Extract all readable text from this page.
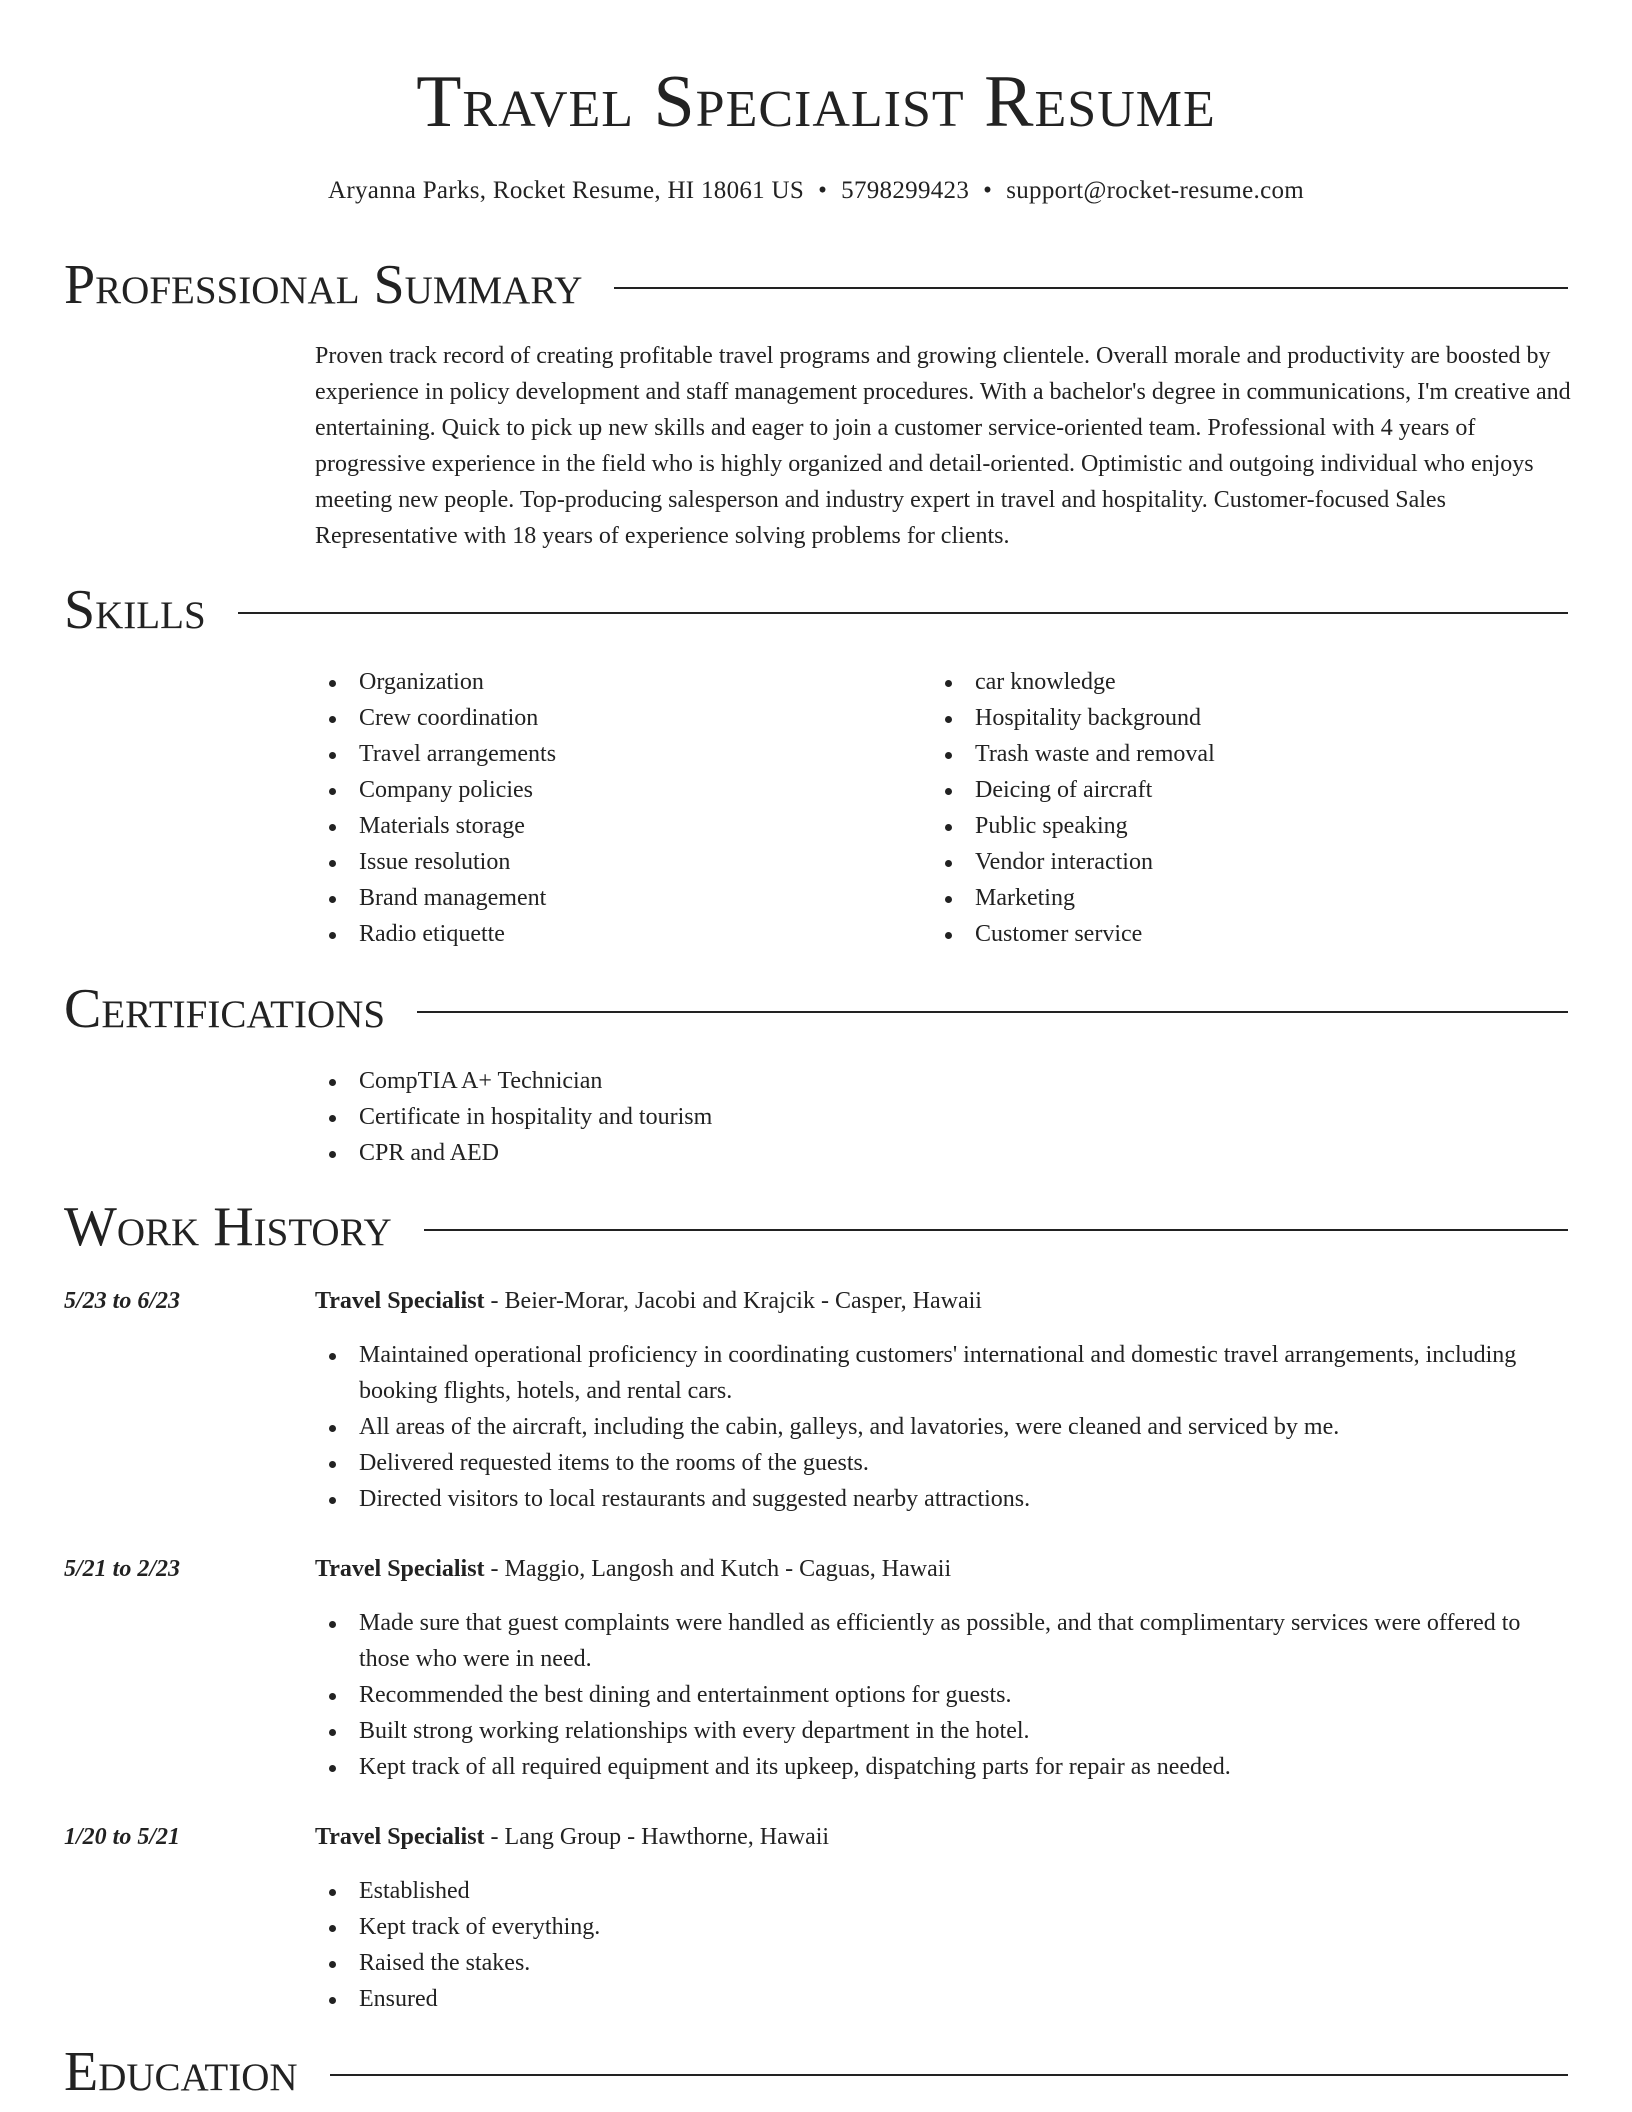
Travel Specialist Resume
Aryanna Parks, Rocket Resume, HI 18061 US • 5798299423 • support@rocket-resume.com
Professional Summary

Proven track record of creating profitable travel programs and growing clientele. Overall morale and productivity are boosted by experience in policy development and staff management procedures. With a bachelor's degree in communications, I'm creative and entertaining. Quick to pick up new skills and eager to join a customer service-oriented team. Professional with 4 years of progressive experience in the field who is highly organized and detail-oriented. Optimistic and outgoing individual who enjoys meeting new people. Top-producing salesperson and industry expert in travel and hospitality. Customer-focused Sales Representative with 18 years of experience solving problems for clients.

Skills
Organization
Crew coordination
Travel arrangements
Company policies
Materials storage
Issue resolution
Brand management
Radio etiquette
car knowledge
Hospitality background
Trash waste and removal
Deicing of aircraft
Public speaking
Vendor interaction
Marketing
Customer service
Certifications
CompTIA A+ Technician
Certificate in hospitality and tourism
CPR and AED
Work History
5/23 to 6/23	Travel Specialist - Beier-Morar, Jacobi and Krajcik - Casper, Hawaii
Maintained operational proficiency in coordinating customers' international and domestic travel arrangements, including booking flights, hotels, and rental cars.
All areas of the aircraft, including the cabin, galleys, and lavatories, were cleaned and serviced by me.
Delivered requested items to the rooms of the guests.
Directed visitors to local restaurants and suggested nearby attractions.
5/21 to 2/23	Travel Specialist - Maggio, Langosh and Kutch - Caguas, Hawaii
Made sure that guest complaints were handled as efficiently as possible, and that complimentary services were offered to those who were in need.
Recommended the best dining and entertainment options for guests.
Built strong working relationships with every department in the hotel.
Kept track of all required equipment and its upkeep, dispatching parts for repair as needed.
1/20 to 5/21	Travel Specialist - Lang Group - Hawthorne, Hawaii
Established
Kept track of everything.
Raised the stakes.
Ensured
Education
